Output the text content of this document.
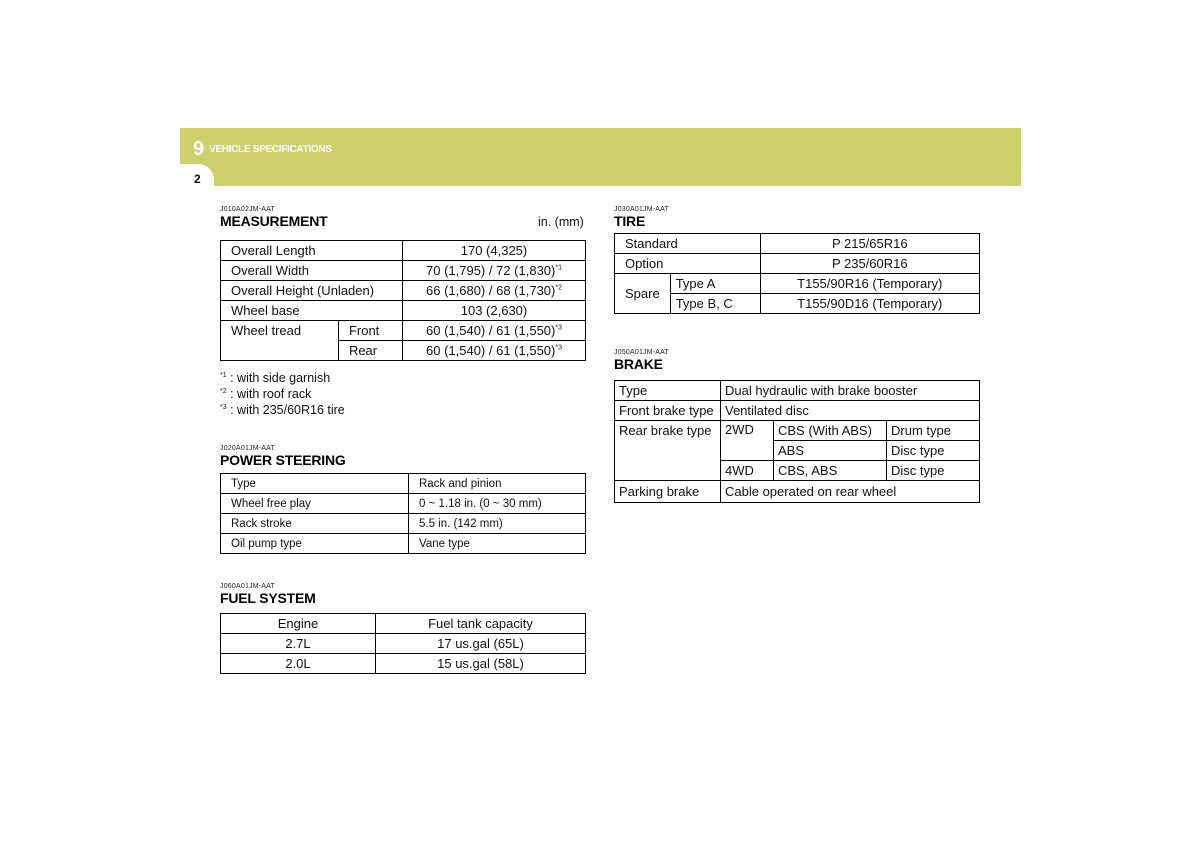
9 VEHICLE SPECIFICATIONS
2
J010A02JM-AAT
MEASUREMENT	in. (mm)
Overall Length		170 (4,325)
Overall Width		70 (1,795) / 72 $(1,830)^{*1}$
Overall Height (Unladen)		66 (1,680) / 68 $(1,730)^{*2}$
Wheel base		103 (2,630)
Wheel tread	Front	60 (1,540) / 61 $(1,550)^{*3}$
	Rear	60 (1,540) / 61 $(1,550)^{*3}$
$^{*1}$ : with side garnish
$^{*2}$ : with roof rack
$^{*3}$ : with 235/60R16 tire
J020A01JM-AAT
POWER STEERING
Type	Rack and pinion
Wheel free play	0 ~ 1.18 in. (0 ~ 30 mm)
Rack stroke	5.5 in. (142 mm)
Oil pump type	Vane type
J060A01JM-AAT
FUEL SYSTEM
Engine	Fuel tank capacity
2.7L	17 us.gal (65L)
2.0L	15 us.gal (58L)
J030A01JM-AAT
TIRE
Standard		P 215/65R16
Option		P 235/60R16
Spare	Type A	T155/90R16 (Temporary)
	Type B, C	T155/90D16 (Temporary)
J050A01JM-AAT
BRAKE
Type	Dual hydraulic with brake booster		
Front brake type	Ventilated disc		
Rear brake type	2WD	CBS (With ABS)	Drum type
		ABS	Disc type
	4WD	CBS, ABS	Disc type
Parking brake	Cable operated on rear wheel		
